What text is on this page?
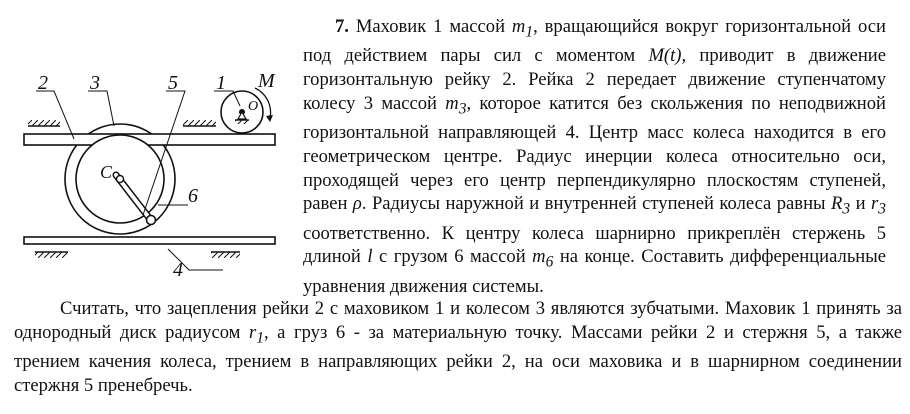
2 3	5 1 M
O
C
6
4

7. Маховик 1 массой $m_1$, вращающийся вокруг горизонтальной оси под действием пары сил с моментом M(t), приводит в движение горизонтальную рейку 2. Рейка 2 передает движение ступенчатому колесу 3 массой $m_3$, которое катится без скольжения по неподвижной горизонтальной направляющей 4. Центр масс колеса находится в его геометрическом центре. Радиус инерции колеса относительно оси, проходящей через его центр перпендикулярно плоскостям ступеней, равен ρ. Радиусы наружной и внутренней ступеней колеса равны $R_3$ и $r_3$ соответственно. К центру колеса шарнирно прикреплён стержень 5 длиной l с грузом 6 массой $m_6$ на конце. Составить дифференциальные уравнения движения системы.

Считать, что зацепления рейки 2 с маховиком 1 и колесом 3 являются зубчатыми. Маховик 1 принять за однородный диск радиусом $r_1$, а груз 6 - за материальную точку. Массами рейки 2 и стержня 5, а также трением качения колеса, трением в направляющих рейки 2, на оси маховика и в шарнирном соединении стержня 5 пренебречь.
